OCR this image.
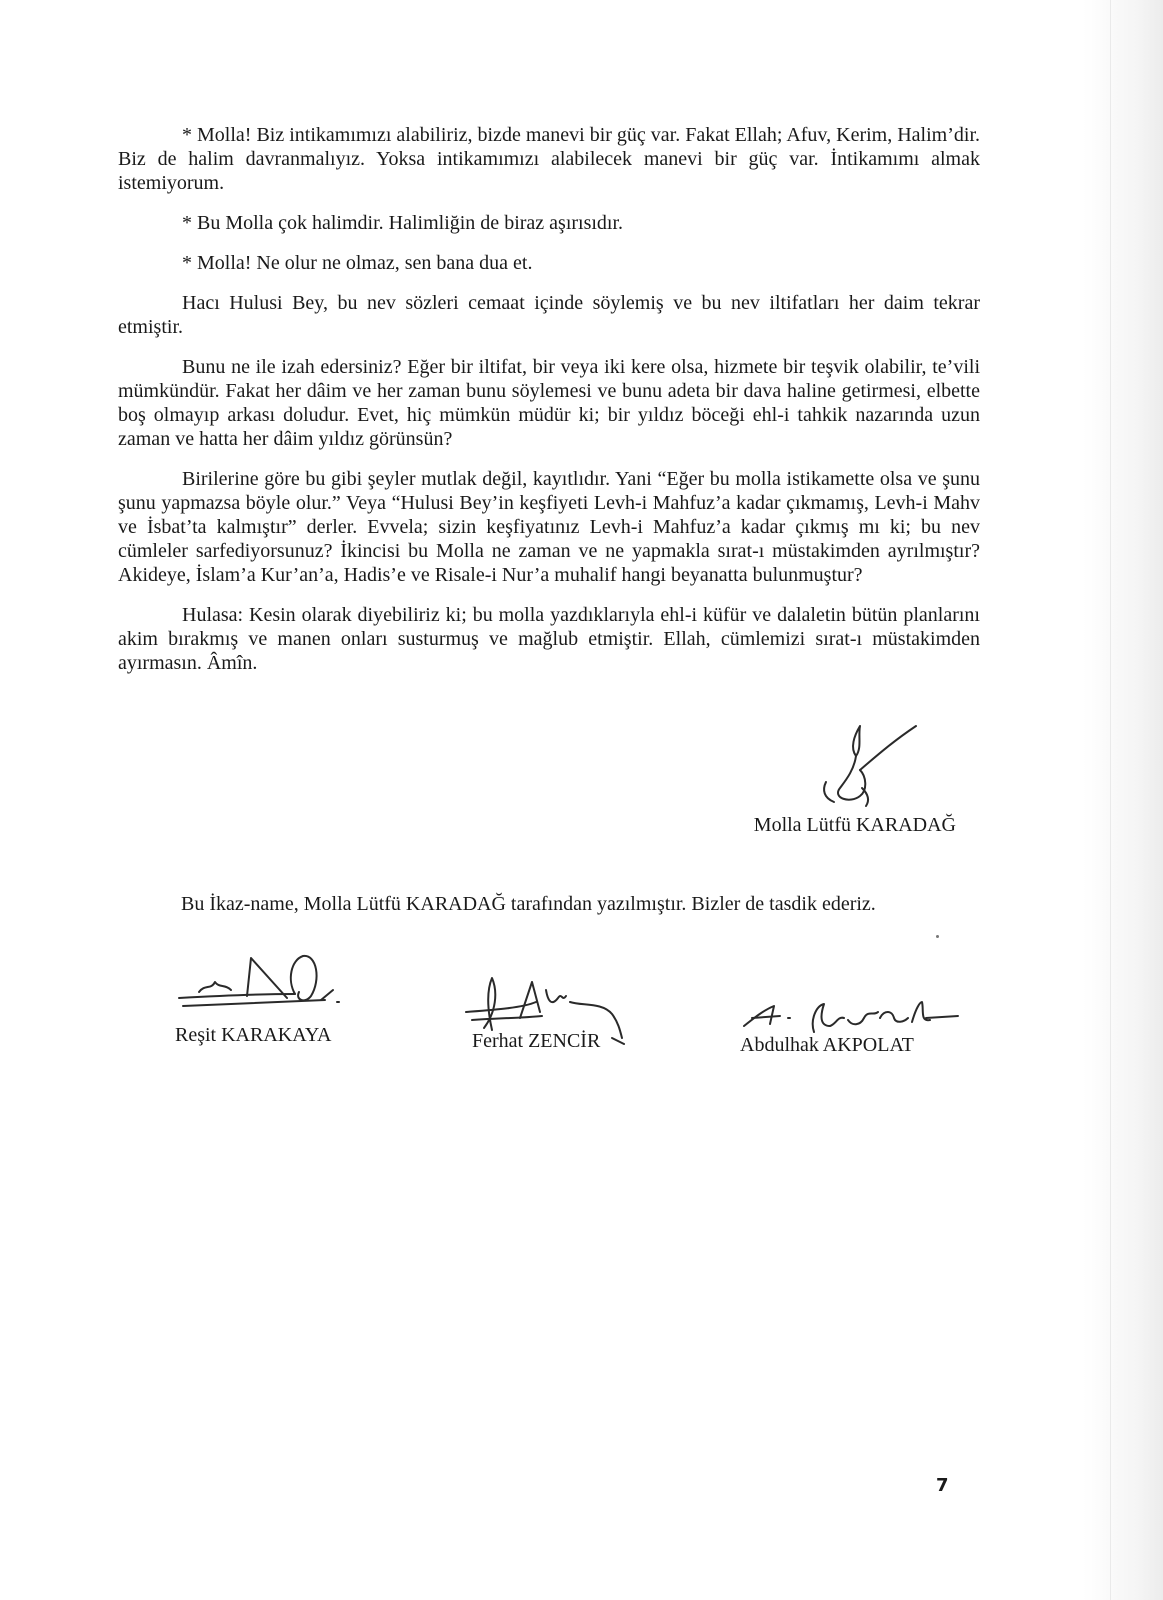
* Molla! Biz intikamımızı alabiliriz, bizde manevi bir güç var. Fakat Ellah; Afuv, Kerim, Halim’dir. Biz de halim davranmalıyız. Yoksa intikamımızı alabilecek manevi bir güç var. İntikamımı almak istemiyorum.

* Bu Molla çok halimdir. Halimliğin de biraz aşırısıdır.

* Molla! Ne olur ne olmaz, sen bana dua et.

Hacı Hulusi Bey, bu nev sözleri cemaat içinde söylemiş ve bu nev iltifatları her daim tekrar etmiştir.

Bunu ne ile izah edersiniz? Eğer bir iltifat, bir veya iki kere olsa, hizmete bir teşvik olabilir, te’vili mümkündür. Fakat her dâim ve her zaman bunu söylemesi ve bunu adeta bir dava haline getirmesi, elbette boş olmayıp arkası doludur. Evet, hiç mümkün müdür ki; bir yıldız böceği ehl-i tahkik nazarında uzun zaman ve hatta her dâim yıldız görünsün?

Birilerine göre bu gibi şeyler mutlak değil, kayıtlıdır. Yani “Eğer bu molla istikamette olsa ve şunu şunu yapmazsa böyle olur.” Veya “Hulusi Bey’in keşfiyeti Levh-i Mahfuz’a kadar çıkmamış, Levh-i Mahv ve İsbat’ta kalmıştır” derler. Evvela; sizin keşfiyatınız Levh-i Mahfuz’a kadar çıkmış mı ki; bu nev cümleler sarfediyorsunuz? İkincisi bu Molla ne zaman ve ne yapmakla sırat-ı müstakimden ayrılmıştır? Akideye, İslam’a Kur’an’a, Hadis’e ve Risale-i Nur’a muhalif hangi beyanatta bulunmuştur?

Hulasa: Kesin olarak diyebiliriz ki; bu molla yazdıklarıyla ehl-i küfür ve dalaletin bütün planlarını akim bırakmış ve manen onları susturmuş ve mağlub etmiştir. Ellah, cümlemizi sırat-ı müstakimden ayırmasın. Âmîn.

Molla Lütfü KARADAĞ
Bu İkaz-name, Molla Lütfü KARADAĞ tarafından yazılmıştır. Bizler de tasdik ederiz.
Reşit KARAKAYA	Ferhat ZENCİR	Abdulhak AKPOLAT
7
